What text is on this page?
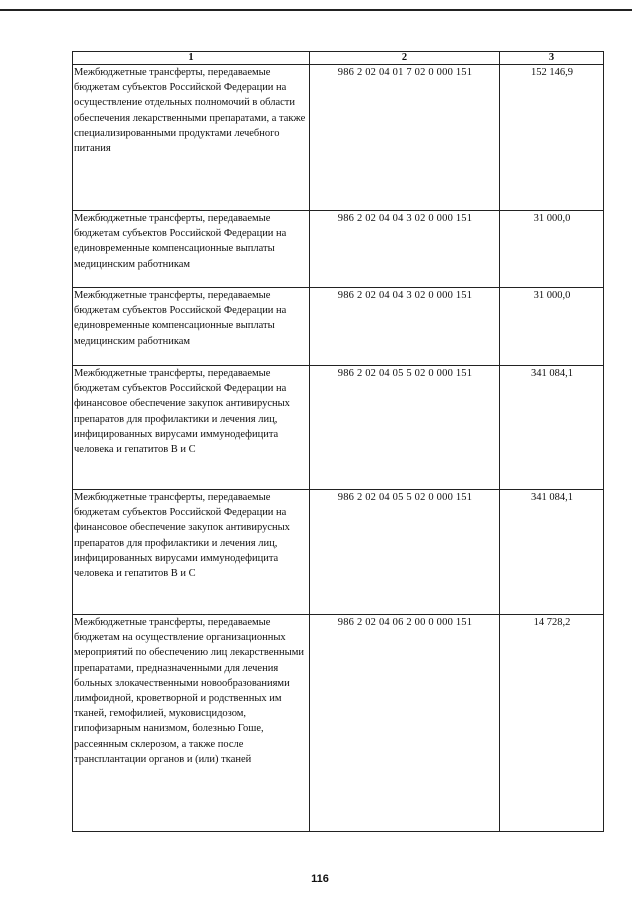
1	2	3
Межбюджетные трансферты, передаваемые бюджетам субъектов Российской Федерации на осуществление отдельных полномочий в области обеспечения лекарственными препаратами, а также специализированными продуктами лечебного питания	986 2 02 04 01 7 02 0 000 151	152 146,9
Межбюджетные трансферты, передаваемые бюджетам субъектов Российской Федерации на единовременные компенсационные выплаты медицинским работникам	986 2 02 04 04 3 02 0 000 151	31 000,0
Межбюджетные трансферты, передаваемые бюджетам субъектов Российской Федерации на единовременные компенсационные выплаты медицинским работникам	986 2 02 04 04 3 02 0 000 151	31 000,0
Межбюджетные трансферты, передаваемые бюджетам субъектов Российской Федерации на финансовое обеспечение закупок антивирусных препаратов для профилактики и лечения лиц, инфицированных вирусами иммунодефицита человека и гепатитов B и C	986 2 02 04 05 5 02 0 000 151	341 084,1
Межбюджетные трансферты, передаваемые бюджетам субъектов Российской Федерации на финансовое обеспечение закупок антивирусных препаратов для профилактики и лечения лиц, инфицированных вирусами иммунодефицита человека и гепатитов B и C	986 2 02 04 05 5 02 0 000 151	341 084,1
Межбюджетные трансферты, передаваемые бюджетам на осуществление организационных мероприятий по обеспечению лиц лекарственными препаратами, предназначенными для лечения больных злокачественными новообразованиями лимфоидной, кроветворной и родственных им тканей, гемофилией, муковисцидозом, гипофизарным нанизмом, болезнью Гоше, рассеянным склерозом, а также после трансплантации органов и (или) тканей	986 2 02 04 06 2 00 0 000 151	14 728,2
116
